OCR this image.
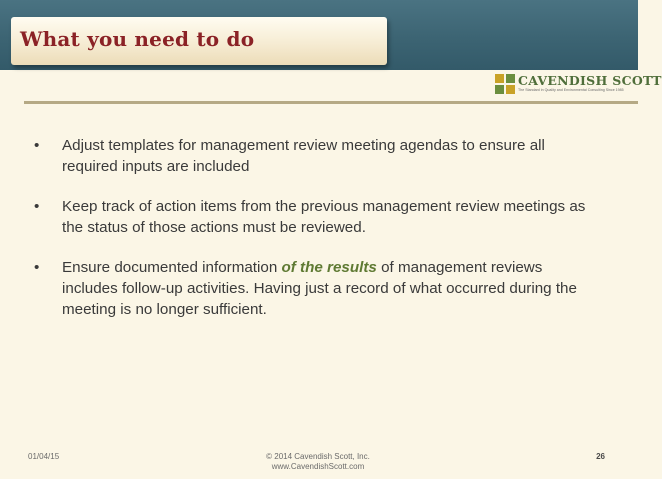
What you need to do
CAVENDISH SCOTT
The Standard in Quality and Environmental Consulting Since 1985
• Adjust templates for management review meeting agendas to ensure all required inputs are included
• Keep track of action items from the previous management review meetings as the status of those actions must be reviewed.
• Ensure documented information of the results of management reviews includes follow-up activities. Having just a record of what occurred during the meeting is no longer sufficient.
01/04/15	© 2014 Cavendish Scott, Inc.
www.CavendishScott.com
26
